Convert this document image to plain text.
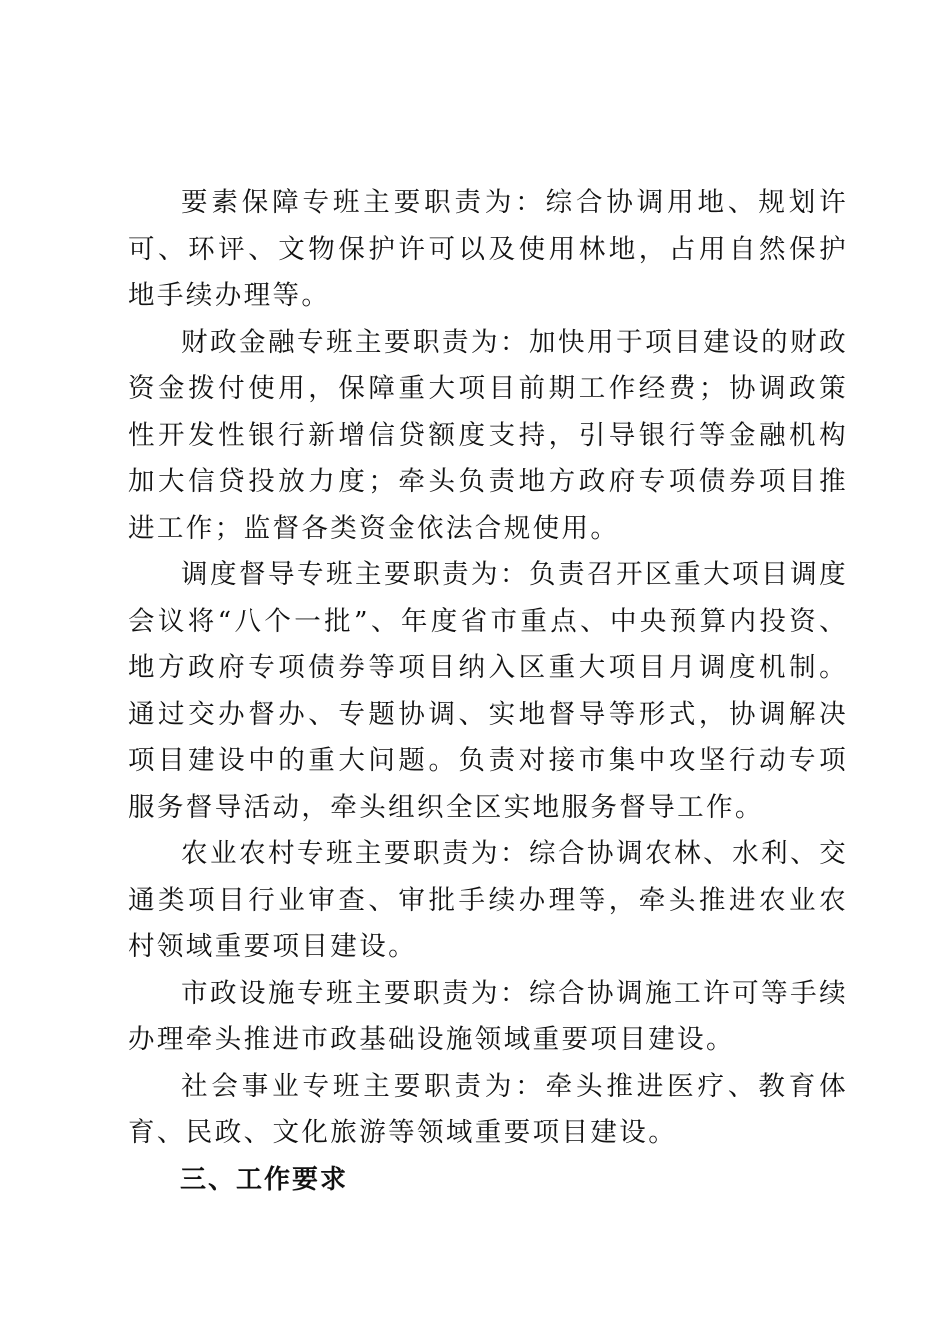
要素保障专班主要职责为：综合协调用地、规划许可、环评、文物保护许可以及使用林地，占用自然保护地手续办理等。

财政金融专班主要职责为：加快用于项目建设的财政资金拨付使用，保障重大项目前期工作经费；协调政策性开发性银行新增信贷额度支持，引导银行等金融机构加大信贷投放力度；牵头负责地方政府专项债券项目推进工作；监督各类资金依法合规使用。

调度督导专班主要职责为：负责召开区重大项目调度会议将“八个一批”、年度省市重点、中央预算内投资、地方政府专项债券等项目纳入区重大项目月调度机制。通过交办督办、专题协调、实地督导等形式，协调解决项目建设中的重大问题。负责对接市集中攻坚行动专项服务督导活动，牵头组织全区实地服务督导工作。

农业农村专班主要职责为：综合协调农林、水利、交通类项目行业审查、审批手续办理等，牵头推进农业农村领域重要项目建设。

市政设施专班主要职责为：综合协调施工许可等手续办理牵头推进市政基础设施领域重要项目建设。

社会事业专班主要职责为：牵头推进医疗、教育体育、民政、文化旅游等领域重要项目建设。

三、工作要求
